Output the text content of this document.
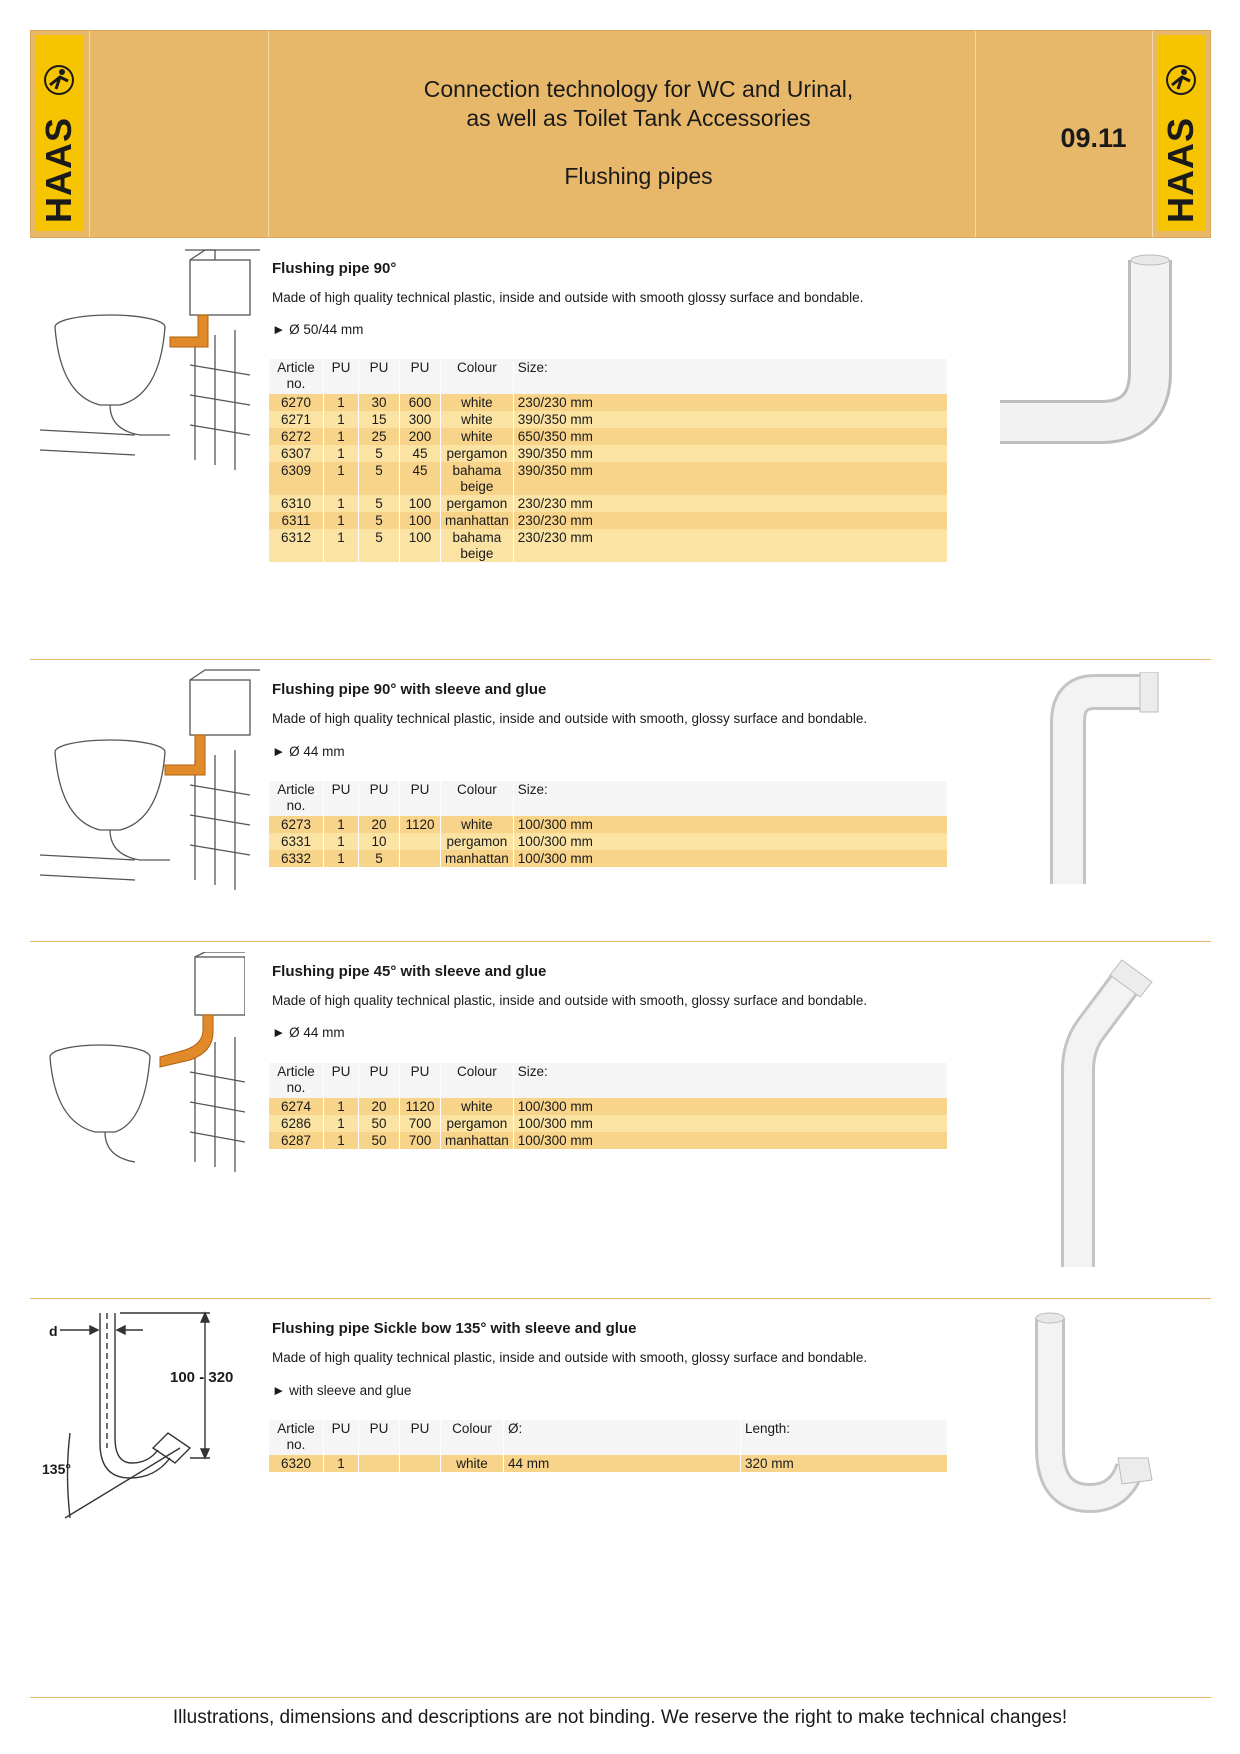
HAAS
Connection technology for WC and Urinal,
as well as Toilet Tank Accessories
Flushing pipes
09.11 HAAS
Flushing pipe 90°
Made of high quality technical plastic, inside and outside with smooth glossy surface and bondable.
► Ø 50/44 mm
Article no.	PU	PU	PU	Colour	Size:
6270	1	30	600	white	230/230 mm
6271	1	15	300	white	390/350 mm
6272	1	25	200	white	650/350 mm
6307	1	5	45	pergamon	390/350 mm
6309	1	5	45	bahama beige	390/350 mm
6310	1	5	100	pergamon	230/230 mm
6311	1	5	100	manhattan	230/230 mm
6312	1	5	100	bahama beige	230/230 mm
Flushing pipe 90° with sleeve and glue
Made of high quality technical plastic, inside and outside with smooth, glossy surface and bondable.
► Ø 44 mm
Article no.	PU	PU	PU	Colour	Size:
6273	1	20	1120	white	100/300 mm
6331	1	10		pergamon	100/300 mm
6332	1	5		manhattan	100/300 mm
Flushing pipe 45° with sleeve and glue
Made of high quality technical plastic, inside and outside with smooth, glossy surface and bondable.
► Ø 44 mm
Article no.	PU	PU	PU	Colour	Size:
6274	1	20	1120	white	100/300 mm
6286	1	50	700	pergamon	100/300 mm
6287	1	50	700	manhattan	100/300 mm
d
100 - 320
135°
Flushing pipe Sickle bow 135° with sleeve and glue
Made of high quality technical plastic, inside and outside with smooth, glossy surface and bondable.
► with sleeve and glue
Article no.	PU	PU	PU	Colour	Ø:	Length:
6320	1			white	44 mm	320 mm
Illustrations, dimensions and descriptions are not binding. We reserve the right to make technical changes!
